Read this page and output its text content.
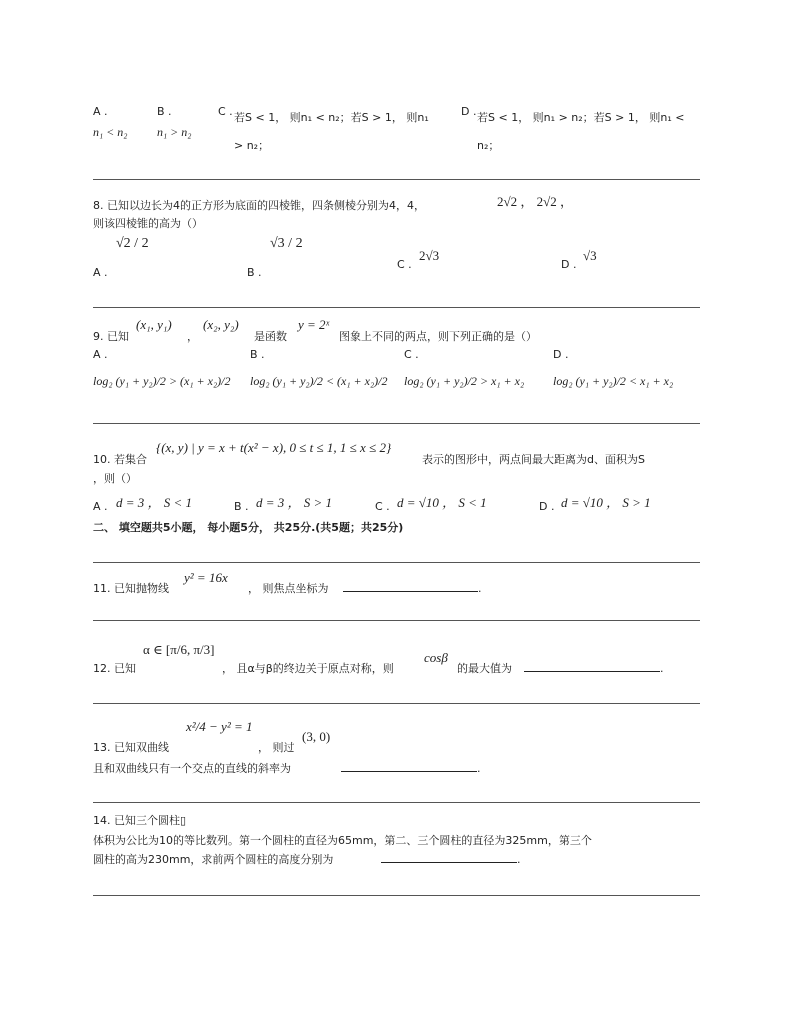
A .
n₁ < n₂
B .
n₁ > n₂
C . 若S < 1， 则n₁ < n₂；若S > 1， 则n₁ > n₂；
D . 若S < 1， 则n₁ > n₂；若S > 1， 则n₁ < n₂；
8. 已知以边长为4的正方形为底面的四棱锥，四条侧棱分别为4，4，	2√2 ， 2√2 ，
则该四棱锥的高为（）
A .
√2 / 2
B .
√3 / 2
C .
2√3
D .
√3
9. 已知
(x₁, y₁)
，
(x₂, y₂)
是函数
y = 2ˣ
图象上不同的两点，则下列正确的是（）
A .
log₂ (y₁ + y₂)/2 > (x₁ + x₂)/2
B .
log₂ (y₁ + y₂)/2 < (x₁ + x₂)/2
C .
log₂ (y₁ + y₂)/2 > x₁ + x₂
D .
log₂ (y₁ + y₂)/2 < x₁ + x₂
10. 若集合
{(x, y) | y = x + t(x² − x), 0 ≤ t ≤ 1, 1 ≤ x ≤ 2}
表示的图形中，两点间最大距离为d、面积为S
，则（）
A . d = 3 ， S < 1	B . d = 3 ， S > 1	C . d = √10 ， S < 1	D . d = √10 ， S > 1
二、 填空题共5小题， 每小题5分， 共25分.(共5题；共25分)
11. 已知抛物线
y² = 16x
， 则焦点坐标为	.
12. 已知
α ∈ [π/6, π/3]
， 且α与β的终边关于原点对称，则
cosβ
的最大值为	.
13. 已知双曲线
x²/4 − y² = 1
， 则过
(3, 0)
且和双曲线只有一个交点的直线的斜率为	.
14. 已知三个圆柱▯
体积为公比为10的等比数列。第一个圆柱的直径为65mm，第二、三个圆柱的直径为325mm，第三个
圆柱的高为230mm，求前两个圆柱的高度分别为	.
